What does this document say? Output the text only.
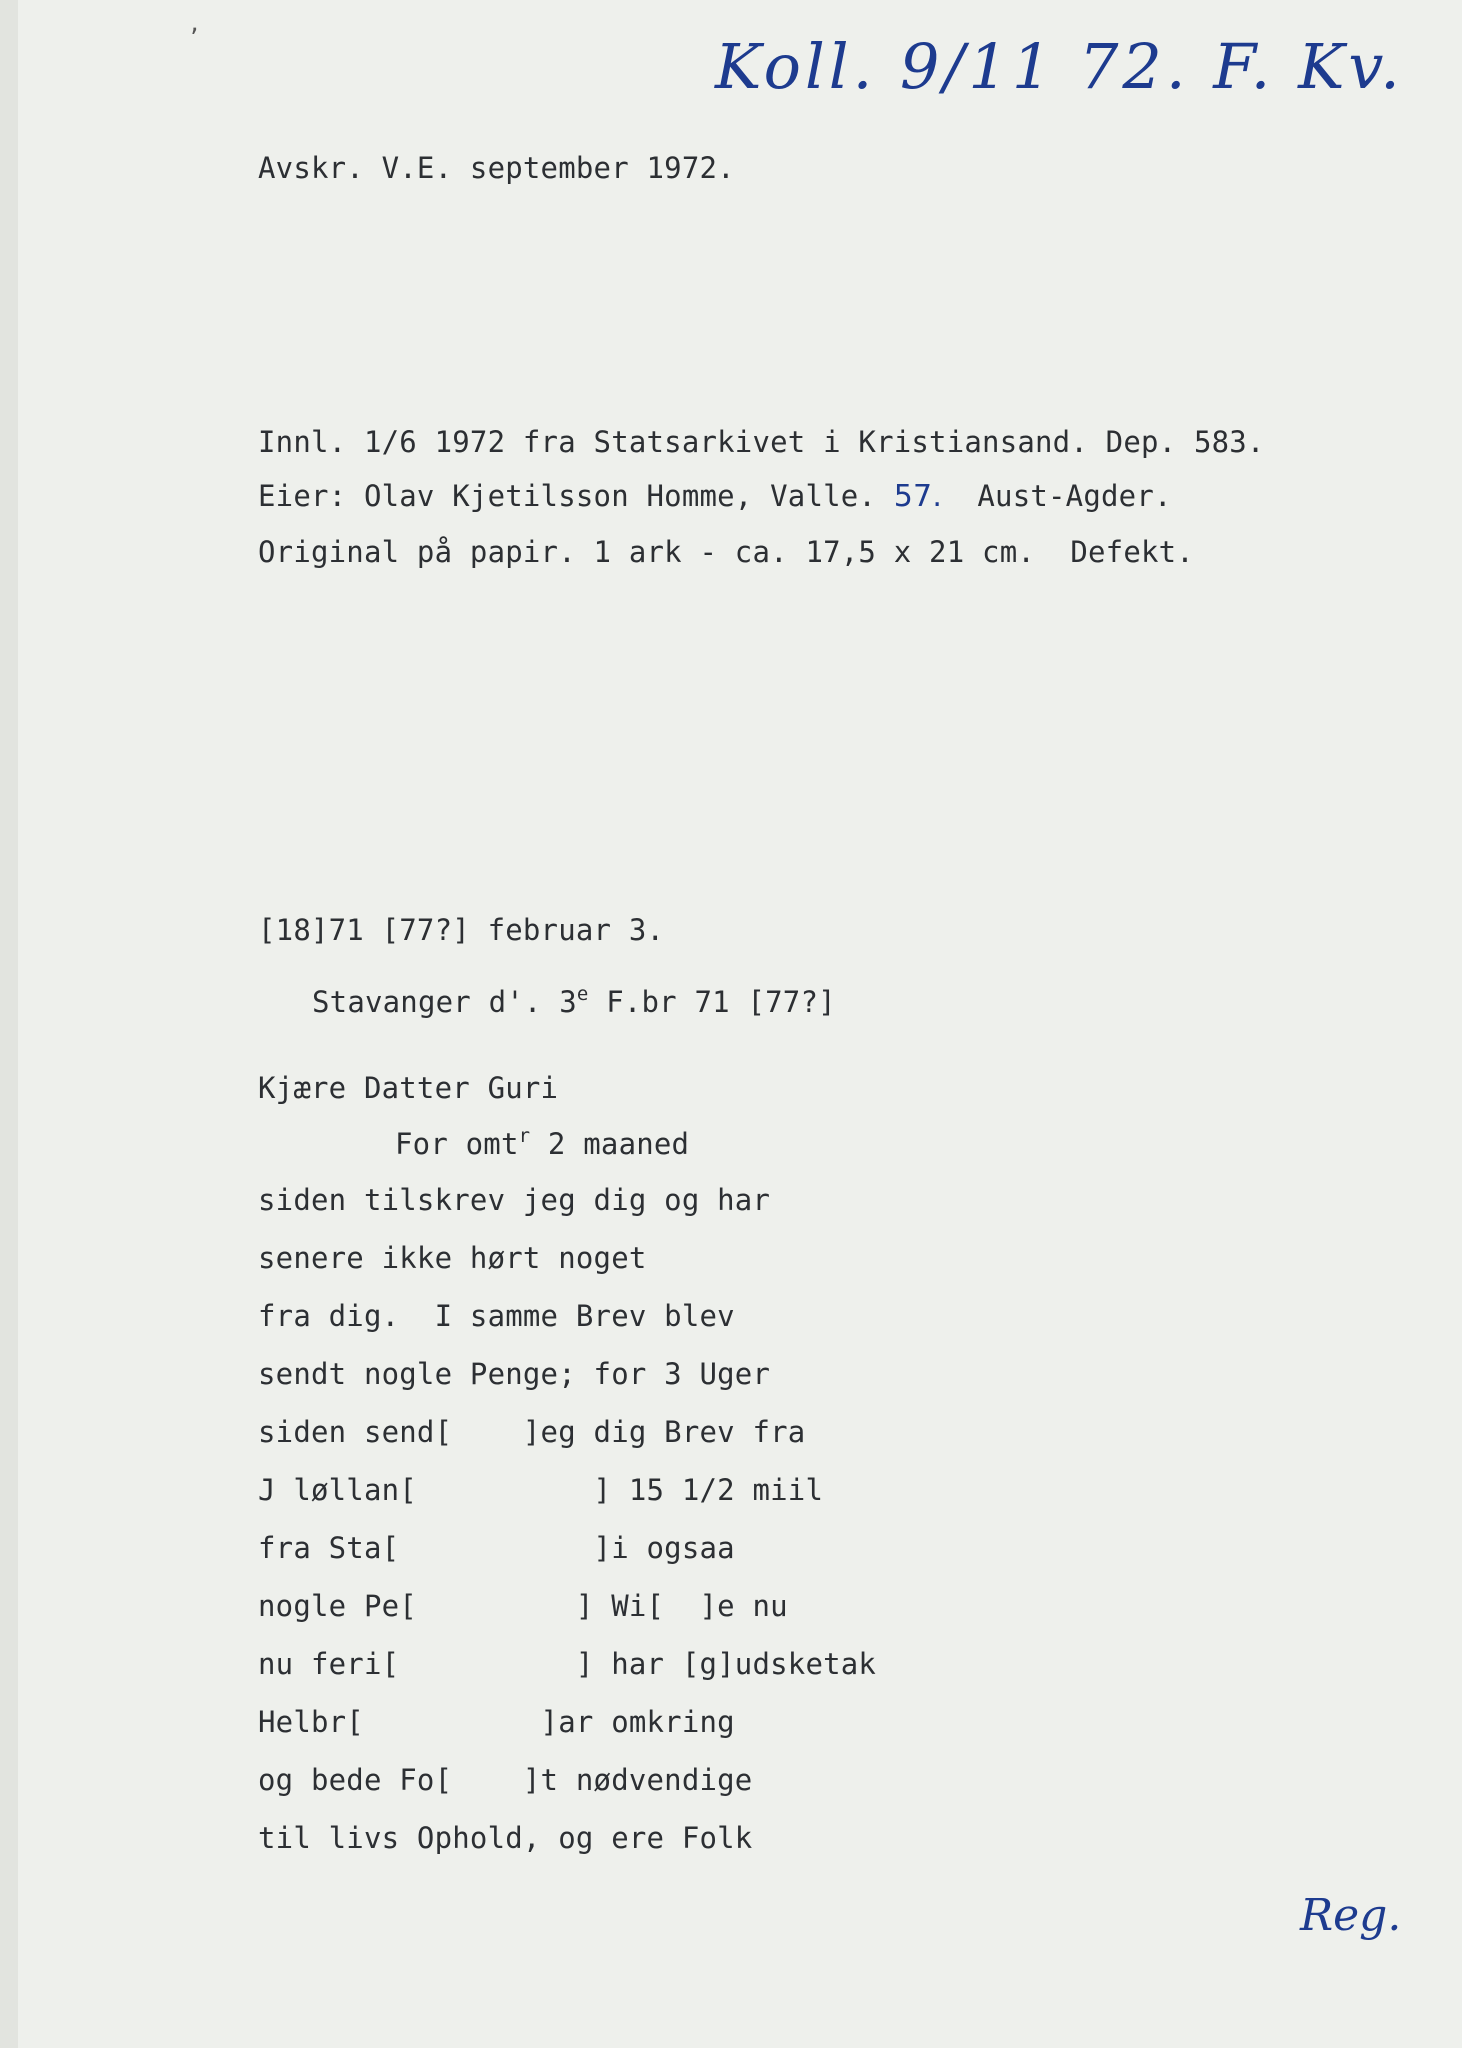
,
Koll. 9/11 72. F. Kv.
Avskr. V.E. september 1972.
Innl. 1/6 1972 fra Statsarkivet i Kristiansand. Dep. 583.
Eier: Olav Kjetilsson Homme, Valle. 57.  Aust-Agder.
Original på papir. 1 ark - ca. 17,5 x 21 cm.  Defekt.
[18]71 [77?] februar 3.
Stavanger d'. 3e F.br 71 [77?]
Kjære Datter Guri
For omt$^r$ 2 maaned
siden tilskrev jeg dig og har
senere ikke hørt noget
fra dig.  I samme Brev blev
sendt nogle Penge; for 3 Uger
siden send[    ]eg dig Brev fra
J løllan[          ] 15 1/2 miil
fra Sta[           ]i ogsaa
nogle Pe[         ] Wi[  ]e nu
nu feri[          ] har [g]udsketak
Helbr[          ]ar omkring
og bede Fo[    ]t nødvendige
til livs Ophold, og ere Folk
Reg.
